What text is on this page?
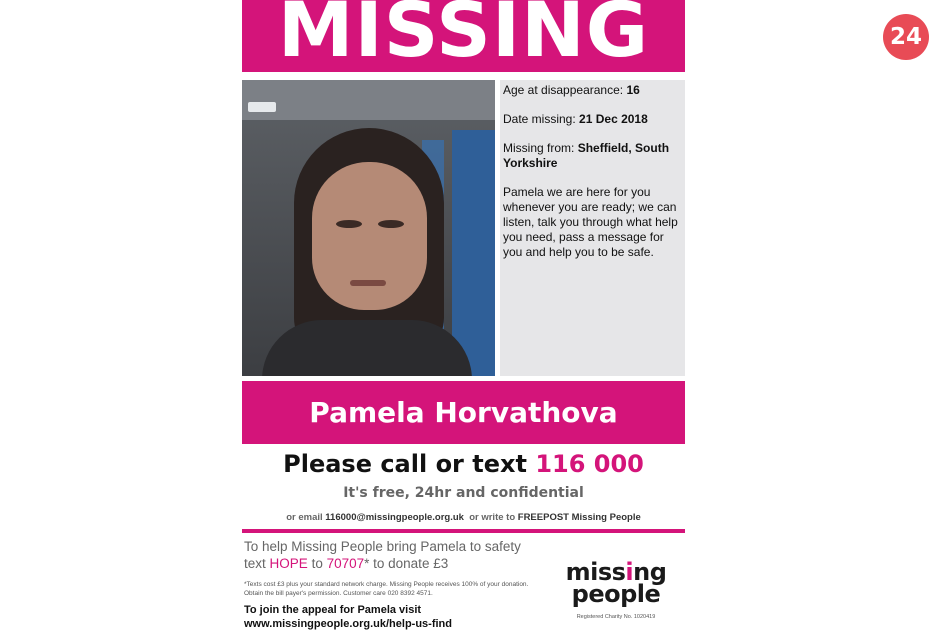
MISSING

Age at disappearance: 16

Date missing: 21 Dec 2018

Missing from: Sheffield, South Yorkshire

Pamela we are here for you whenever you are ready; we can listen, talk you through what help you need, pass a message for you and help you to be safe.

Pamela Horvathova
Please call or text 116 000
It's free, 24hr and confidential
or email 116000@missingpeople.org.uk or write to FREEPOST Missing People
To help Missing People bring Pamela to safety
text HOPE to 70707* to donate £3
*Texts cost £3 plus your standard network charge. Missing People receives 100% of your donation. Obtain the bill payer's permission. Customer care 020 8392 4571.
To join the appeal for Pamela visit
www.missingpeople.org.uk/help-us-find
missing
people
Registered Charity No. 1020419
24
